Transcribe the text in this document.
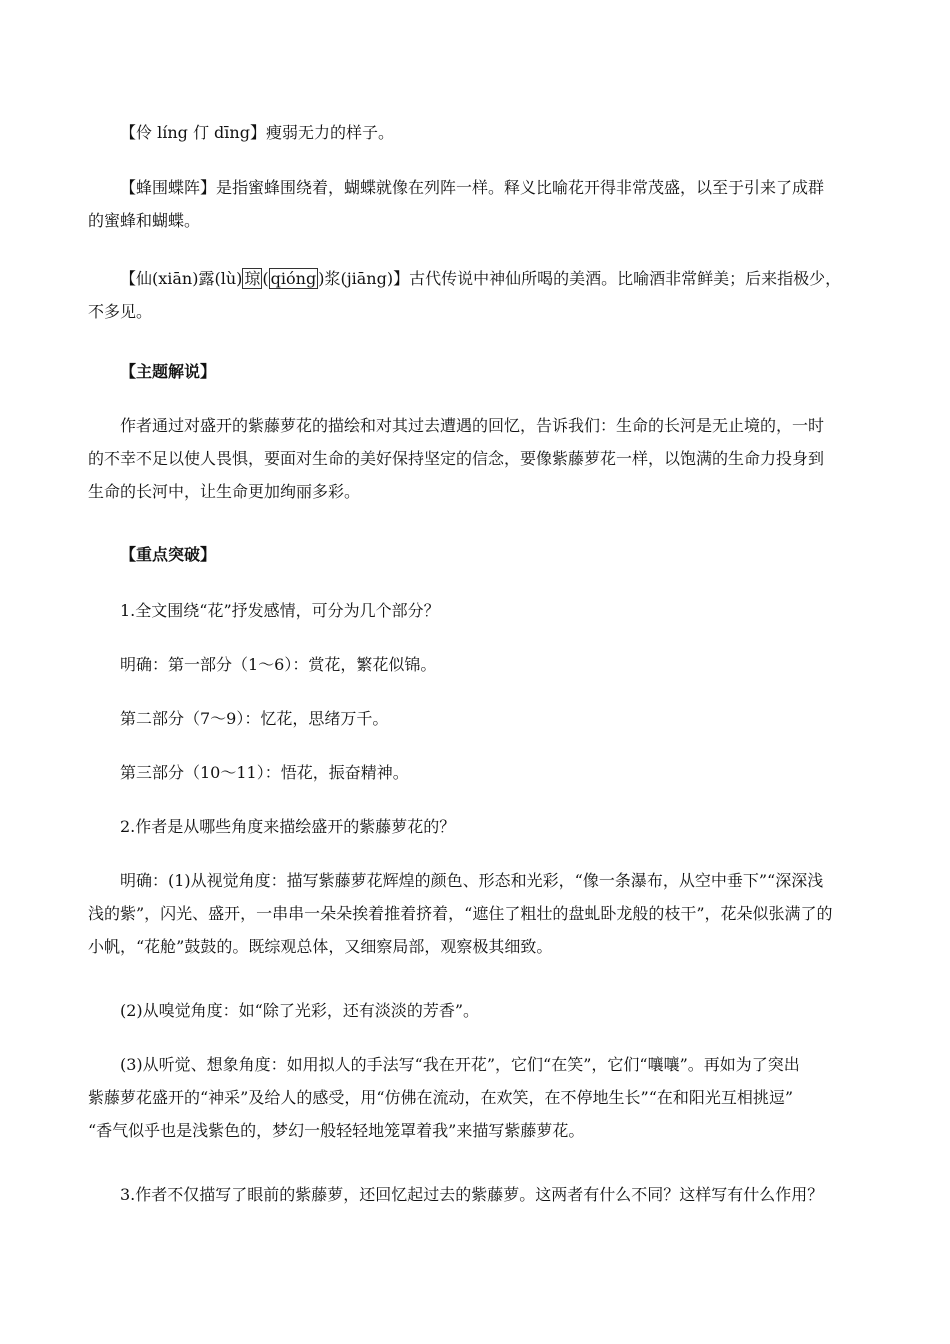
【伶 líng 仃 dīng】瘦弱无力的样子。
【蜂围蝶阵】是指蜜蜂围绕着，蝴蝶就像在列阵一样。释义比喻花开得非常茂盛，以至于引来了成群
的蜜蜂和蝴蝶。
【仙(xiān)露(lù) 琼 ( qióng )浆(jiāng)】古代传说中神仙所喝的美酒。比喻酒非常鲜美；后来指极少，
不多见。
【主题解说】
作者通过对盛开的紫藤萝花的描绘和对其过去遭遇的回忆，告诉我们：生命的长河是无止境的，一时
的不幸不足以使人畏惧，要面对生命的美好保持坚定的信念，要像紫藤萝花一样，以饱满的生命力投身到
生命的长河中，让生命更加绚丽多彩。
【重点突破】
1.全文围绕“花”抒发感情，可分为几个部分？
明确：第一部分（1～6）：赏花，繁花似锦。
第二部分（7～9）：忆花，思绪万千。
第三部分（10～11）：悟花，振奋精神。
2.作者是从哪些角度来描绘盛开的紫藤萝花的？
明确：(1)从视觉角度：描写紫藤萝花辉煌的颜色、形态和光彩，“像一条瀑布，从空中垂下”“深深浅
浅的紫”，闪光、盛开，一串串一朵朵挨着推着挤着，“遮住了粗壮的盘虬卧龙般的枝干”，花朵似张满了的
小帆，“花舱”鼓鼓的。既综观总体，又细察局部，观察极其细致。
(2)从嗅觉角度：如“除了光彩，还有淡淡的芳香”。
(3)从听觉、想象角度：如用拟人的手法写“我在开花”，它们“在笑”，它们“嚷嚷”。再如为了突出
紫藤萝花盛开的“神采”及给人的感受，用“仿佛在流动，在欢笑，在不停地生长”“在和阳光互相挑逗”
“香气似乎也是浅紫色的，梦幻一般轻轻地笼罩着我”来描写紫藤萝花。
3.作者不仅描写了眼前的紫藤萝，还回忆起过去的紫藤萝。这两者有什么不同？这样写有什么作用？
